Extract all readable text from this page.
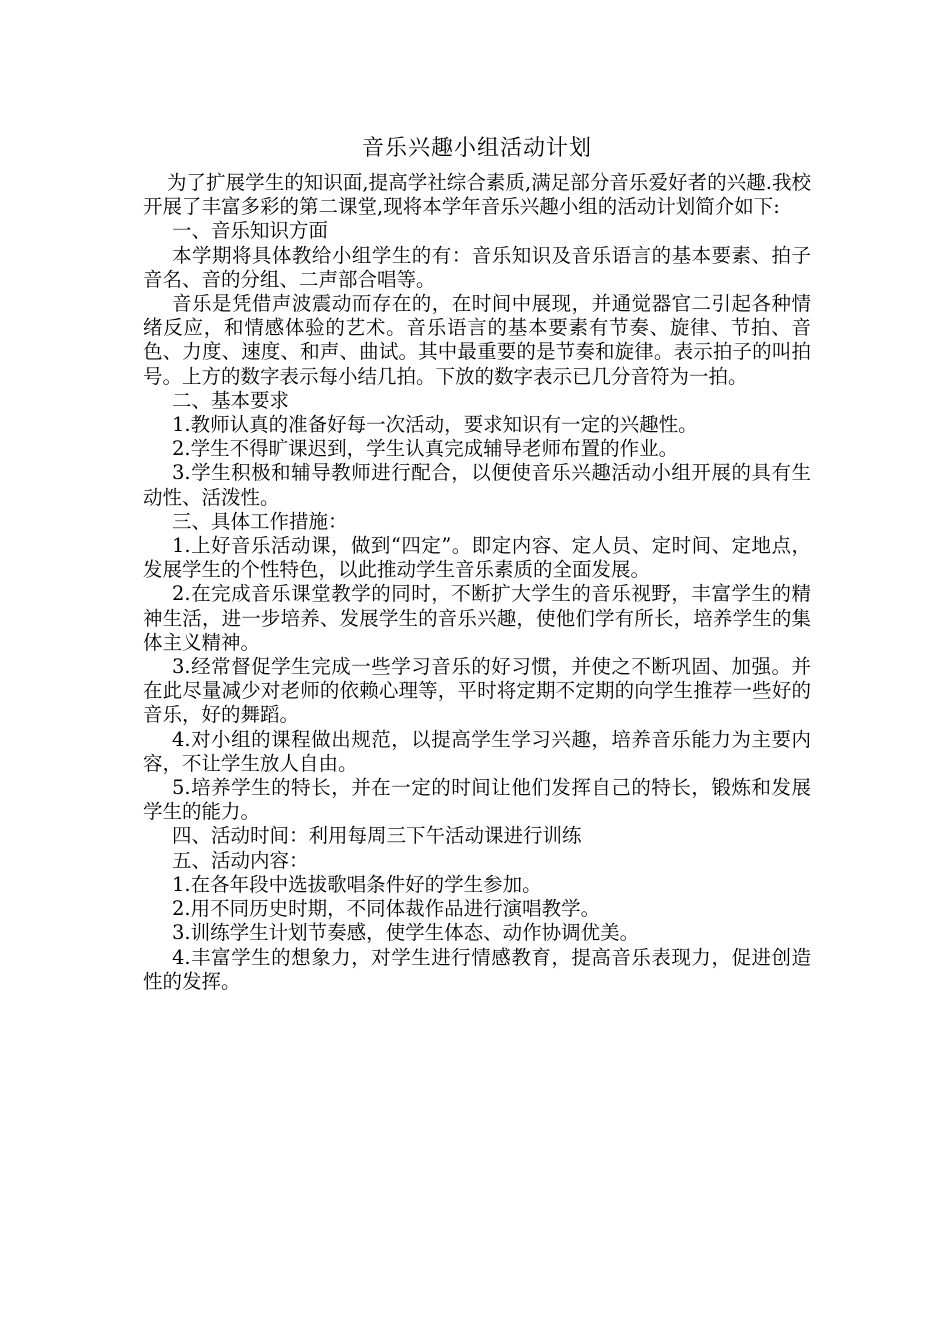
音乐兴趣小组活动计划

为了扩展学生的知识面,提高学社综合素质,满足部分音乐爱好者的兴趣.我校开展了丰富多彩的第二课堂,现将本学年音乐兴趣小组的活动计划简介如下:

一、音乐知识方面

本学期将具体教给小组学生的有：音乐知识及音乐语言的基本要素、拍子音名、音的分组、二声部合唱等。

音乐是凭借声波震动而存在的，在时间中展现，并通觉器官二引起各种情绪反应，和情感体验的艺术。音乐语言的基本要素有节奏、旋律、节拍、音色、力度、速度、和声、曲试。其中最重要的是节奏和旋律。表示拍子的叫拍号。上方的数字表示每小结几拍。下放的数字表示已几分音符为一拍。

二、基本要求

1.教师认真的准备好每一次活动，要求知识有一定的兴趣性。

2.学生不得旷课迟到，学生认真完成辅导老师布置的作业。

3.学生积极和辅导教师进行配合，以便使音乐兴趣活动小组开展的具有生动性、活泼性。

三、具体工作措施：

1.上好音乐活动课，做到“四定”。即定内容、定人员、定时间、定地点，发展学生的个性特色，以此推动学生音乐素质的全面发展。

2.在完成音乐课堂教学的同时，不断扩大学生的音乐视野，丰富学生的精神生活，进一步培养、发展学生的音乐兴趣，使他们学有所长，培养学生的集体主义精神。

3.经常督促学生完成一些学习音乐的好习惯，并使之不断巩固、加强。并在此尽量减少对老师的依赖心理等，平时将定期不定期的向学生推荐一些好的音乐，好的舞蹈。

4.对小组的课程做出规范，以提高学生学习兴趣，培养音乐能力为主要内容，不让学生放人自由。

5.培养学生的特长，并在一定的时间让他们发挥自己的特长，锻炼和发展学生的能力。

四、活动时间：利用每周三下午活动课进行训练

五、活动内容：

1.在各年段中选拔歌唱条件好的学生参加。

2.用不同历史时期，不同体裁作品进行演唱教学。

3.训练学生计划节奏感，使学生体态、动作协调优美。

4.丰富学生的想象力，对学生进行情感教育，提高音乐表现力，促进创造性的发挥。
